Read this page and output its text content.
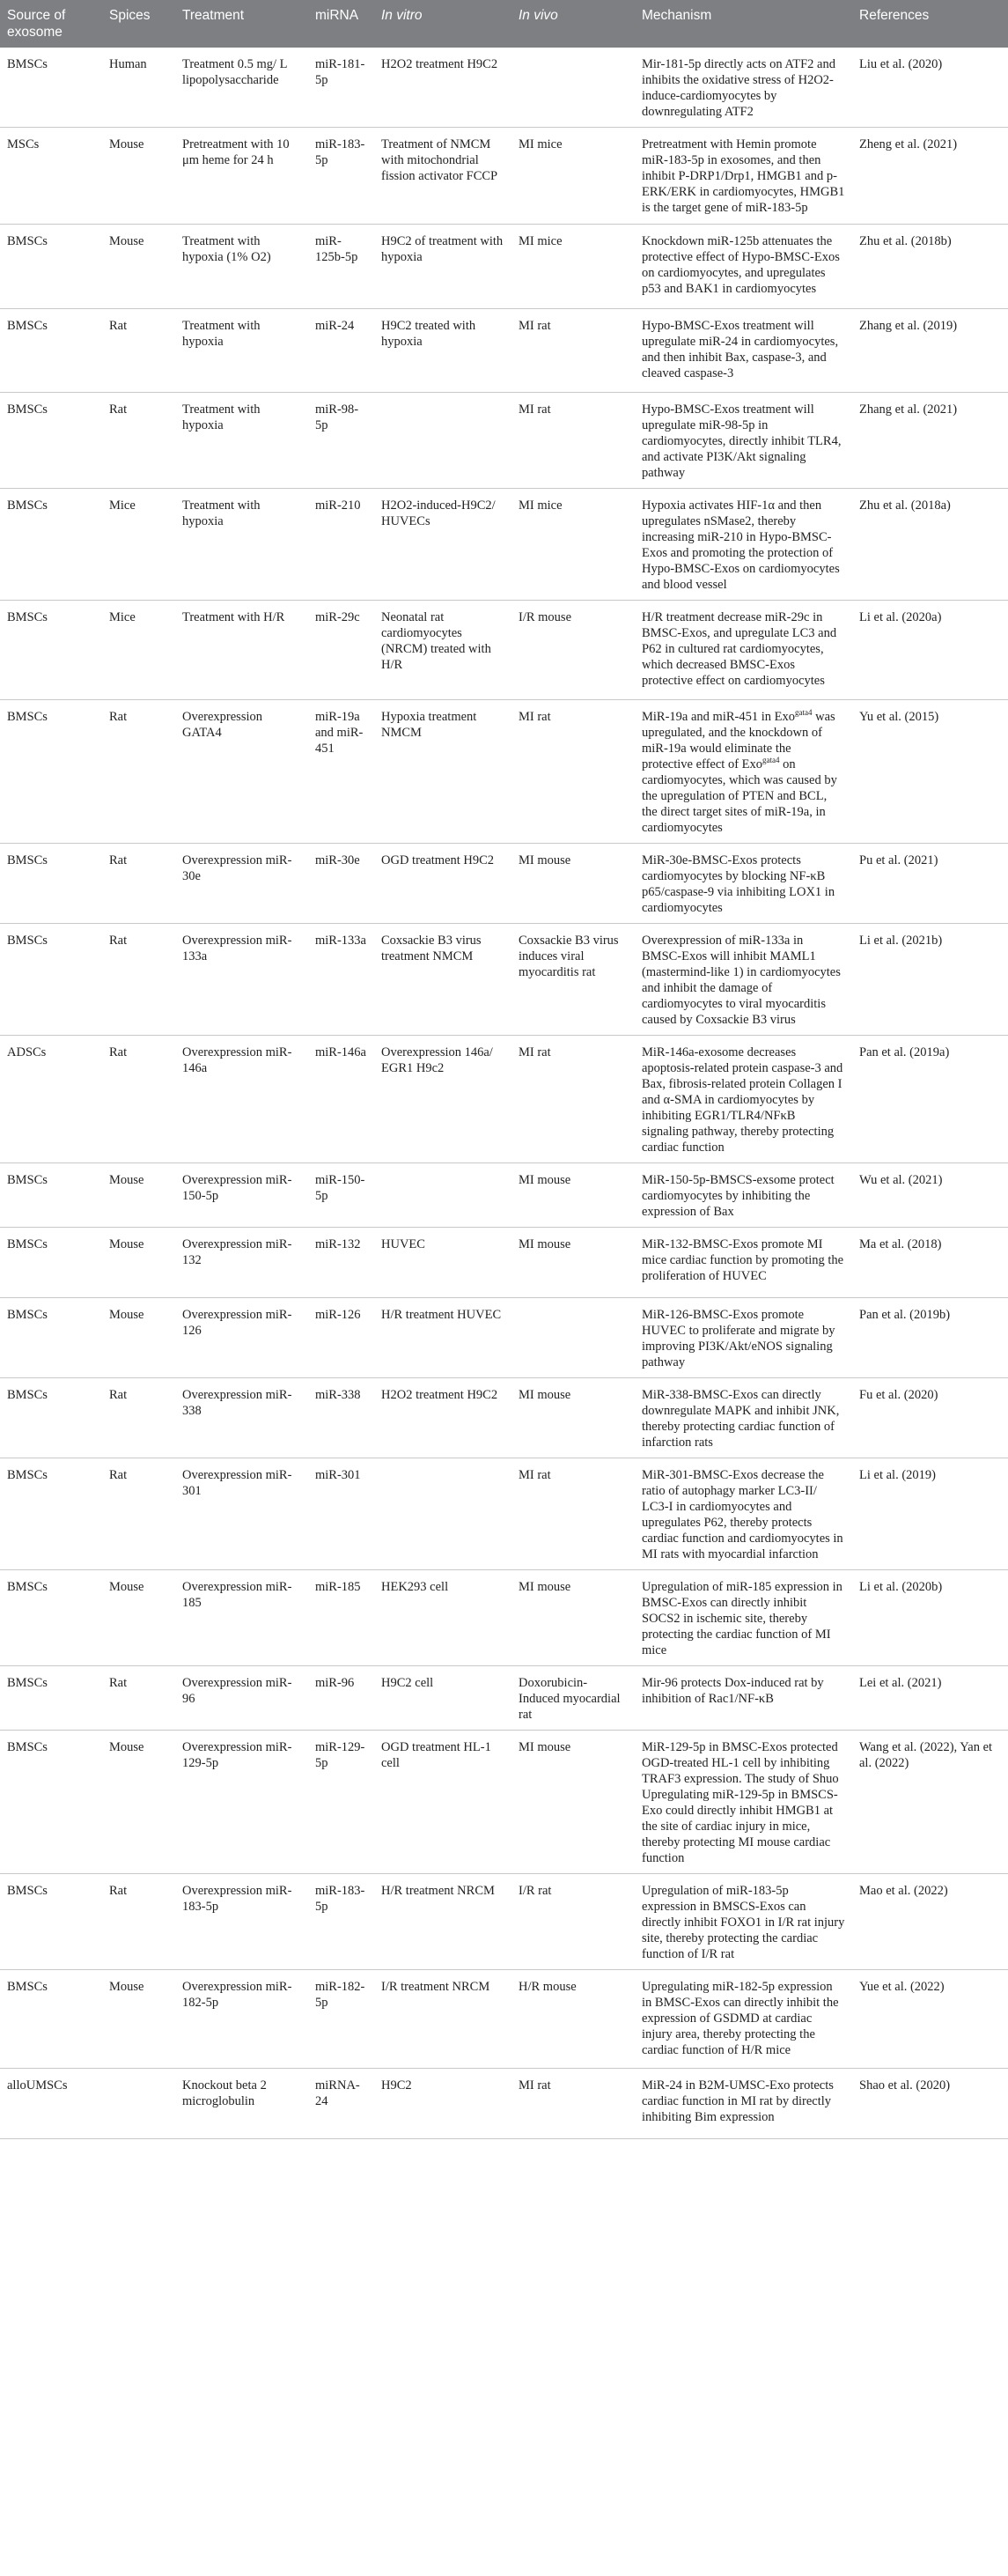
Source of exosome	Spices	Treatment	miRNA	In vitro	In vivo	Mechanism	References
BMSCs	Human	Treatment 0.5 mg/ L lipopolysaccharide	miR-181-5p	H2O2 treatment H9C2		Mir-181-5p directly acts on ATF2 and inhibits the oxidative stress of H2O2-induce-cardiomyocytes by downregulating ATF2	Liu et al. (2020)
MSCs	Mouse	Pretreatment with 10 μm heme for 24 h	miR-183-5p	Treatment of NMCM with mitochondrial fission activator FCCP	MI mice	Pretreatment with Hemin promote miR-183-5p in exosomes, and then inhibit P-DRP1/Drp1, HMGB1 and p-ERK/ERK in cardiomyocytes, HMGB1 is the target gene of miR-183-5p	Zheng et al. (2021)
BMSCs	Mouse	Treatment with hypoxia (1% O2)	miR-125b-5p	H9C2 of treatment with hypoxia	MI mice	Knockdown miR-125b attenuates the protective effect of Hypo-BMSC-Exos on cardiomyocytes, and upregulates p53 and BAK1 in cardiomyocytes	Zhu et al. (2018b)
BMSCs	Rat	Treatment with hypoxia	miR-24	H9C2 treated with hypoxia	MI rat	Hypo-BMSC-Exos treatment will upregulate miR-24 in cardiomyocytes, and then inhibit Bax, caspase-3, and cleaved caspase-3	Zhang et al. (2019)
BMSCs	Rat	Treatment with hypoxia	miR-98-5p		MI rat	Hypo-BMSC-Exos treatment will upregulate miR-98-5p in cardiomyocytes, directly inhibit TLR4, and activate PI3K/Akt signaling pathway	Zhang et al. (2021)
BMSCs	Mice	Treatment with hypoxia	miR-210	H2O2-induced-H9C2/ HUVECs	MI mice	Hypoxia activates HIF-1α and then upregulates nSMase2, thereby increasing miR-210 in Hypo-BMSC-Exos and promoting the protection of Hypo-BMSC-Exos on cardiomyocytes and blood vessel	Zhu et al. (2018a)
BMSCs	Mice	Treatment with H/R	miR-29c	Neonatal rat cardiomyocytes (NRCM) treated with H/R	I/R mouse	H/R treatment decrease miR-29c in BMSC-Exos, and upregulate LC3 and P62 in cultured rat cardiomyocytes, which decreased BMSC-Exos protective effect on cardiomyocytes	Li et al. (2020a)
BMSCs	Rat	Overexpression GATA4	miR-19a and miR-451	Hypoxia treatment NMCM	MI rat	MiR-19a and miR-451 in Exo$^{gata4}$ was upregulated, and the knockdown of miR-19a would eliminate the protective effect of Exo$^{gata4}$ on cardiomyocytes, which was caused by the upregulation of PTEN and BCL, the direct target sites of miR-19a, in cardiomyocytes	Yu et al. (2015)
BMSCs	Rat	Overexpression miR-30e	miR-30e	OGD treatment H9C2	MI mouse	MiR-30e-BMSC-Exos protects cardiomyocytes by blocking NF-κB p65/caspase-9 via inhibiting LOX1 in cardiomyocytes	Pu et al. (2021)
BMSCs	Rat	Overexpression miR-133a	miR-133a	Coxsackie B3 virus treatment NMCM	Coxsackie B3 virus induces viral myocarditis rat	Overexpression of miR-133a in BMSC-Exos will inhibit MAML1 (mastermind-like 1) in cardiomyocytes and inhibit the damage of cardiomyocytes to viral myocarditis caused by Coxsackie B3 virus	Li et al. (2021b)
ADSCs	Rat	Overexpression miR-146a	miR-146a	Overexpression 146a/ EGR1 H9c2	MI rat	MiR-146a-exosome decreases apoptosis-related protein caspase-3 and Bax, fibrosis-related protein Collagen I and α-SMA in cardiomyocytes by inhibiting EGR1/TLR4/NFκB signaling pathway, thereby protecting cardiac function	Pan et al. (2019a)
BMSCs	Mouse	Overexpression miR-150-5p	miR-150-5p		MI mouse	MiR-150-5p-BMSCS-exsome protect cardiomyocytes by inhibiting the expression of Bax	Wu et al. (2021)
BMSCs	Mouse	Overexpression miR-132	miR-132	HUVEC	MI mouse	MiR-132-BMSC-Exos promote MI mice cardiac function by promoting the proliferation of HUVEC	Ma et al. (2018)
BMSCs	Mouse	Overexpression miR-126	miR-126	H/R treatment HUVEC		MiR-126-BMSC-Exos promote HUVEC to proliferate and migrate by improving PI3K/Akt/eNOS signaling pathway	Pan et al. (2019b)
BMSCs	Rat	Overexpression miR-338	miR-338	H2O2 treatment H9C2	MI mouse	MiR-338-BMSC-Exos can directly downregulate MAPK and inhibit JNK, thereby protecting cardiac function of infarction rats	Fu et al. (2020)
BMSCs	Rat	Overexpression miR-301	miR-301		MI rat	MiR-301-BMSC-Exos decrease the ratio of autophagy marker LC3-II/ LC3-I in cardiomyocytes and upregulates P62, thereby protects cardiac function and cardiomyocytes in MI rats with myocardial infarction	Li et al. (2019)
BMSCs	Mouse	Overexpression miR-185	miR-185	HEK293 cell	MI mouse	Upregulation of miR-185 expression in BMSC-Exos can directly inhibit SOCS2 in ischemic site, thereby protecting the cardiac function of MI mice	Li et al. (2020b)
BMSCs	Rat	Overexpression miR-96	miR-96	H9C2 cell	Doxorubicin-Induced myocardial rat	Mir-96 protects Dox-induced rat by inhibition of Rac1/NF-κB	Lei et al. (2021)
BMSCs	Mouse	Overexpression miR-129-5p	miR-129-5p	OGD treatment HL-1 cell	MI mouse	MiR-129-5p in BMSC-Exos protected OGD-treated HL-1 cell by inhibiting TRAF3 expression. The study of Shuo Upregulating miR-129-5p in BMSCS-Exo could directly inhibit HMGB1 at the site of cardiac injury in mice, thereby protecting MI mouse cardiac function	Wang et al. (2022), Yan et al. (2022)
BMSCs	Rat	Overexpression miR-183-5p	miR-183-5p	H/R treatment NRCM	I/R rat	Upregulation of miR-183-5p expression in BMSCS-Exos can directly inhibit FOXO1 in I/R rat injury site, thereby protecting the cardiac function of I/R rat	Mao et al. (2022)
BMSCs	Mouse	Overexpression miR-182-5p	miR-182-5p	I/R treatment NRCM	H/R mouse	Upregulating miR-182-5p expression in BMSC-Exos can directly inhibit the expression of GSDMD at cardiac injury area, thereby protecting the cardiac function of H/R mice	Yue et al. (2022)
alloUMSCs		Knockout beta 2 microglobulin	miRNA-24	H9C2	MI rat	MiR-24 in B2M-UMSC-Exo protects cardiac function in MI rat by directly inhibiting Bim expression	Shao et al. (2020)
